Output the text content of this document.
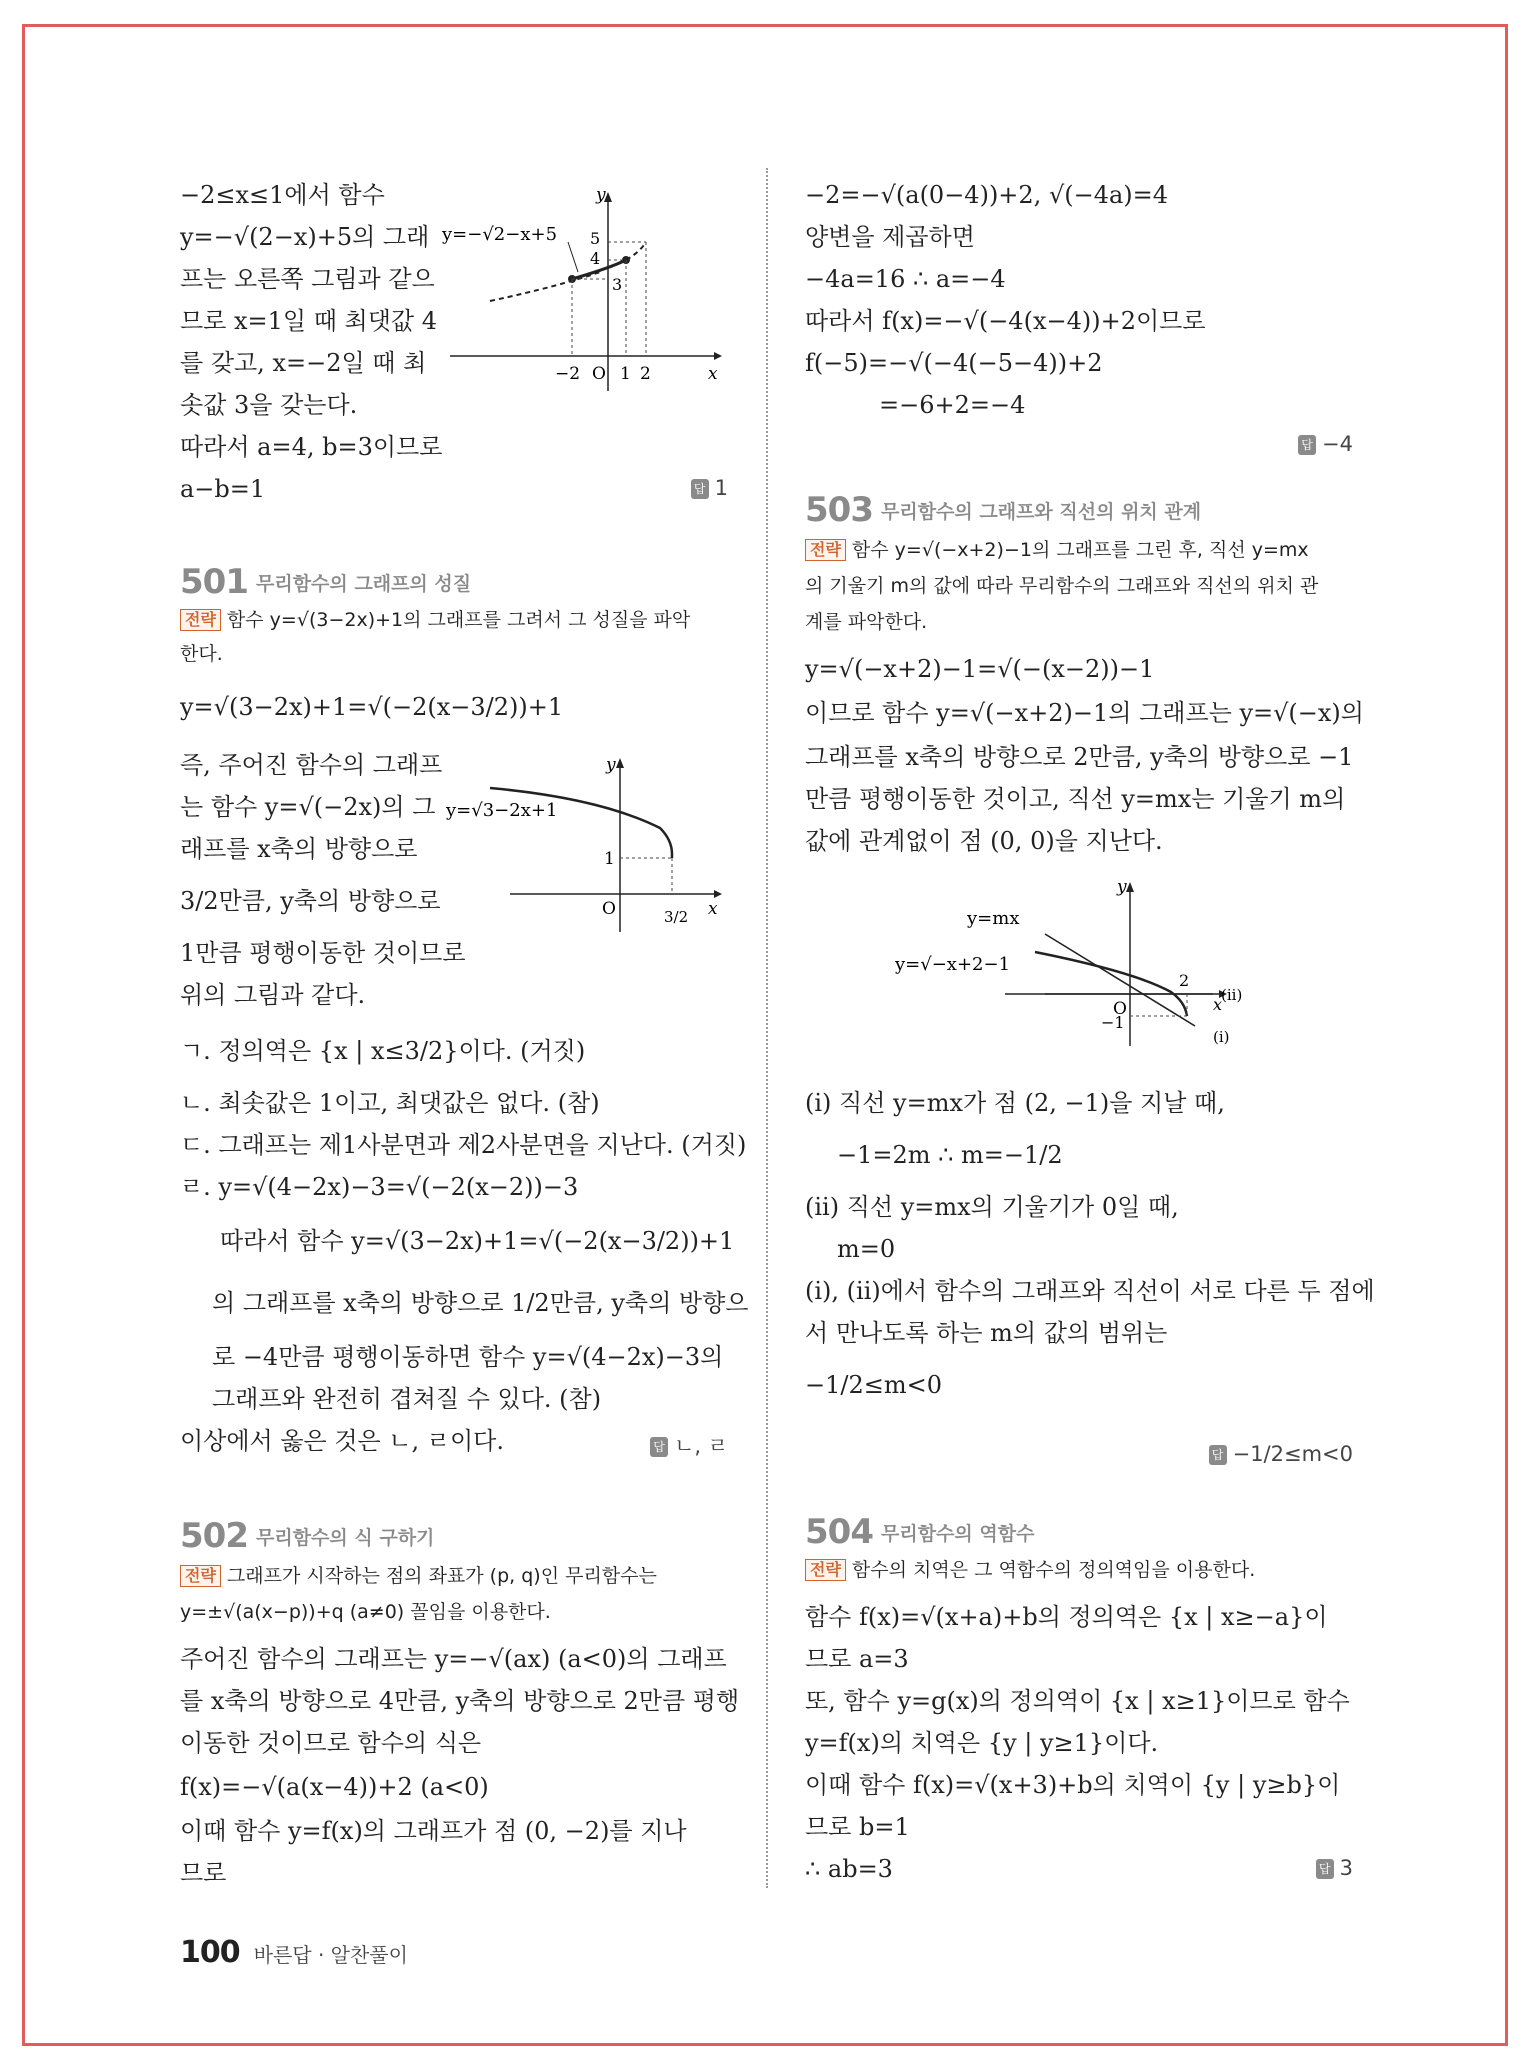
−2≤x≤1에서 함수
y=−√(2−x)+5의 그래
프는 오른쪽 그림과 같으
므로 x=1일 때 최댓값 4
를 갖고, x=−2일 때 최
솟값 3을 갖는다.
따라서 a=4, b=3이므로
a−b=1	답 1
y=−√2−x+5 5
4
3
−2 O 1 2	x
y
501 무리함수의 그래프의 성질
전략 함수 y=√(3−2x)+1의 그래프를 그려서 그 성질을 파악
한다.
y=√(3−2x)+1=√(−2(x−3/2))+1
즉, 주어진 함수의 그래프
는 함수 y=√(−2x)의 그
래프를 x축의 방향으로
3/2만큼, y축의 방향으로
1만큼 평행이동한 것이므로
위의 그림과 같다.
y=√3−2x+1
1
O	3/2 x
y
ㄱ. 정의역은 {x | x≤3/2}이다. (거짓)
ㄴ. 최솟값은 1이고, 최댓값은 없다. (참)
ㄷ. 그래프는 제1사분면과 제2사분면을 지난다. (거짓)
ㄹ. y=√(4−2x)−3=√(−2(x−2))−3
따라서 함수 y=√(3−2x)+1=√(−2(x−3/2))+1
의 그래프를 x축의 방향으로 1/2만큼, y축의 방향으
로 −4만큼 평행이동하면 함수 y=√(4−2x)−3의
그래프와 완전히 겹쳐질 수 있다. (참)
이상에서 옳은 것은 ㄴ, ㄹ이다.	답 ㄴ, ㄹ
502 무리함수의 식 구하기
전략 그래프가 시작하는 점의 좌표가 (p, q)인 무리함수는
y=±√(a(x−p))+q (a≠0) 꼴임을 이용한다.
주어진 함수의 그래프는 y=−√(ax) (a<0)의 그래프
를 x축의 방향으로 4만큼, y축의 방향으로 2만큼 평행
이동한 것이므로 함수의 식은
f(x)=−√(a(x−4))+2 (a<0)
이때 함수 y=f(x)의 그래프가 점 (0, −2)를 지나
므로
−2=−√(a(0−4))+2, √(−4a)=4
양변을 제곱하면
−4a=16 ∴ a=−4
따라서 f(x)=−√(−4(x−4))+2이므로
f(−5)=−√(−4(−5−4))+2
=−6+2=−4
답 −4
503 무리함수의 그래프와 직선의 위치 관계
전략 함수 y=√(−x+2)−1의 그래프를 그린 후, 직선 y=mx
의 기울기 m의 값에 따라 무리함수의 그래프와 직선의 위치 관
계를 파악한다.
y=√(−x+2)−1=√(−(x−2))−1
이므로 함수 y=√(−x+2)−1의 그래프는 y=√(−x)의
그래프를 x축의 방향으로 2만큼, y축의 방향으로 −1
만큼 평행이동한 것이고, 직선 y=mx는 기울기 m의
값에 관계없이 점 (0, 0)을 지난다.
y=mx
y=√−x+2−1
O
2
−1
x
(ii)
(i)
y
(i) 직선 y=mx가 점 (2, −1)을 지날 때,
−1=2m ∴ m=−1/2
(ii) 직선 y=mx의 기울기가 0일 때,
m=0
(i), (ii)에서 함수의 그래프와 직선이 서로 다른 두 점에
서 만나도록 하는 m의 값의 범위는
−1/2≤m<0
답 −1/2≤m<0
504 무리함수의 역함수
전략 함수의 치역은 그 역함수의 정의역임을 이용한다.
함수 f(x)=√(x+a)+b의 정의역은 {x | x≥−a}이
므로 a=3
또, 함수 y=g(x)의 정의역이 {x | x≥1}이므로 함수
y=f(x)의 치역은 {y | y≥1}이다.
이때 함수 f(x)=√(x+3)+b의 치역이 {y | y≥b}이
므로 b=1
∴ ab=3	답 3
100 바른답 · 알찬풀이
